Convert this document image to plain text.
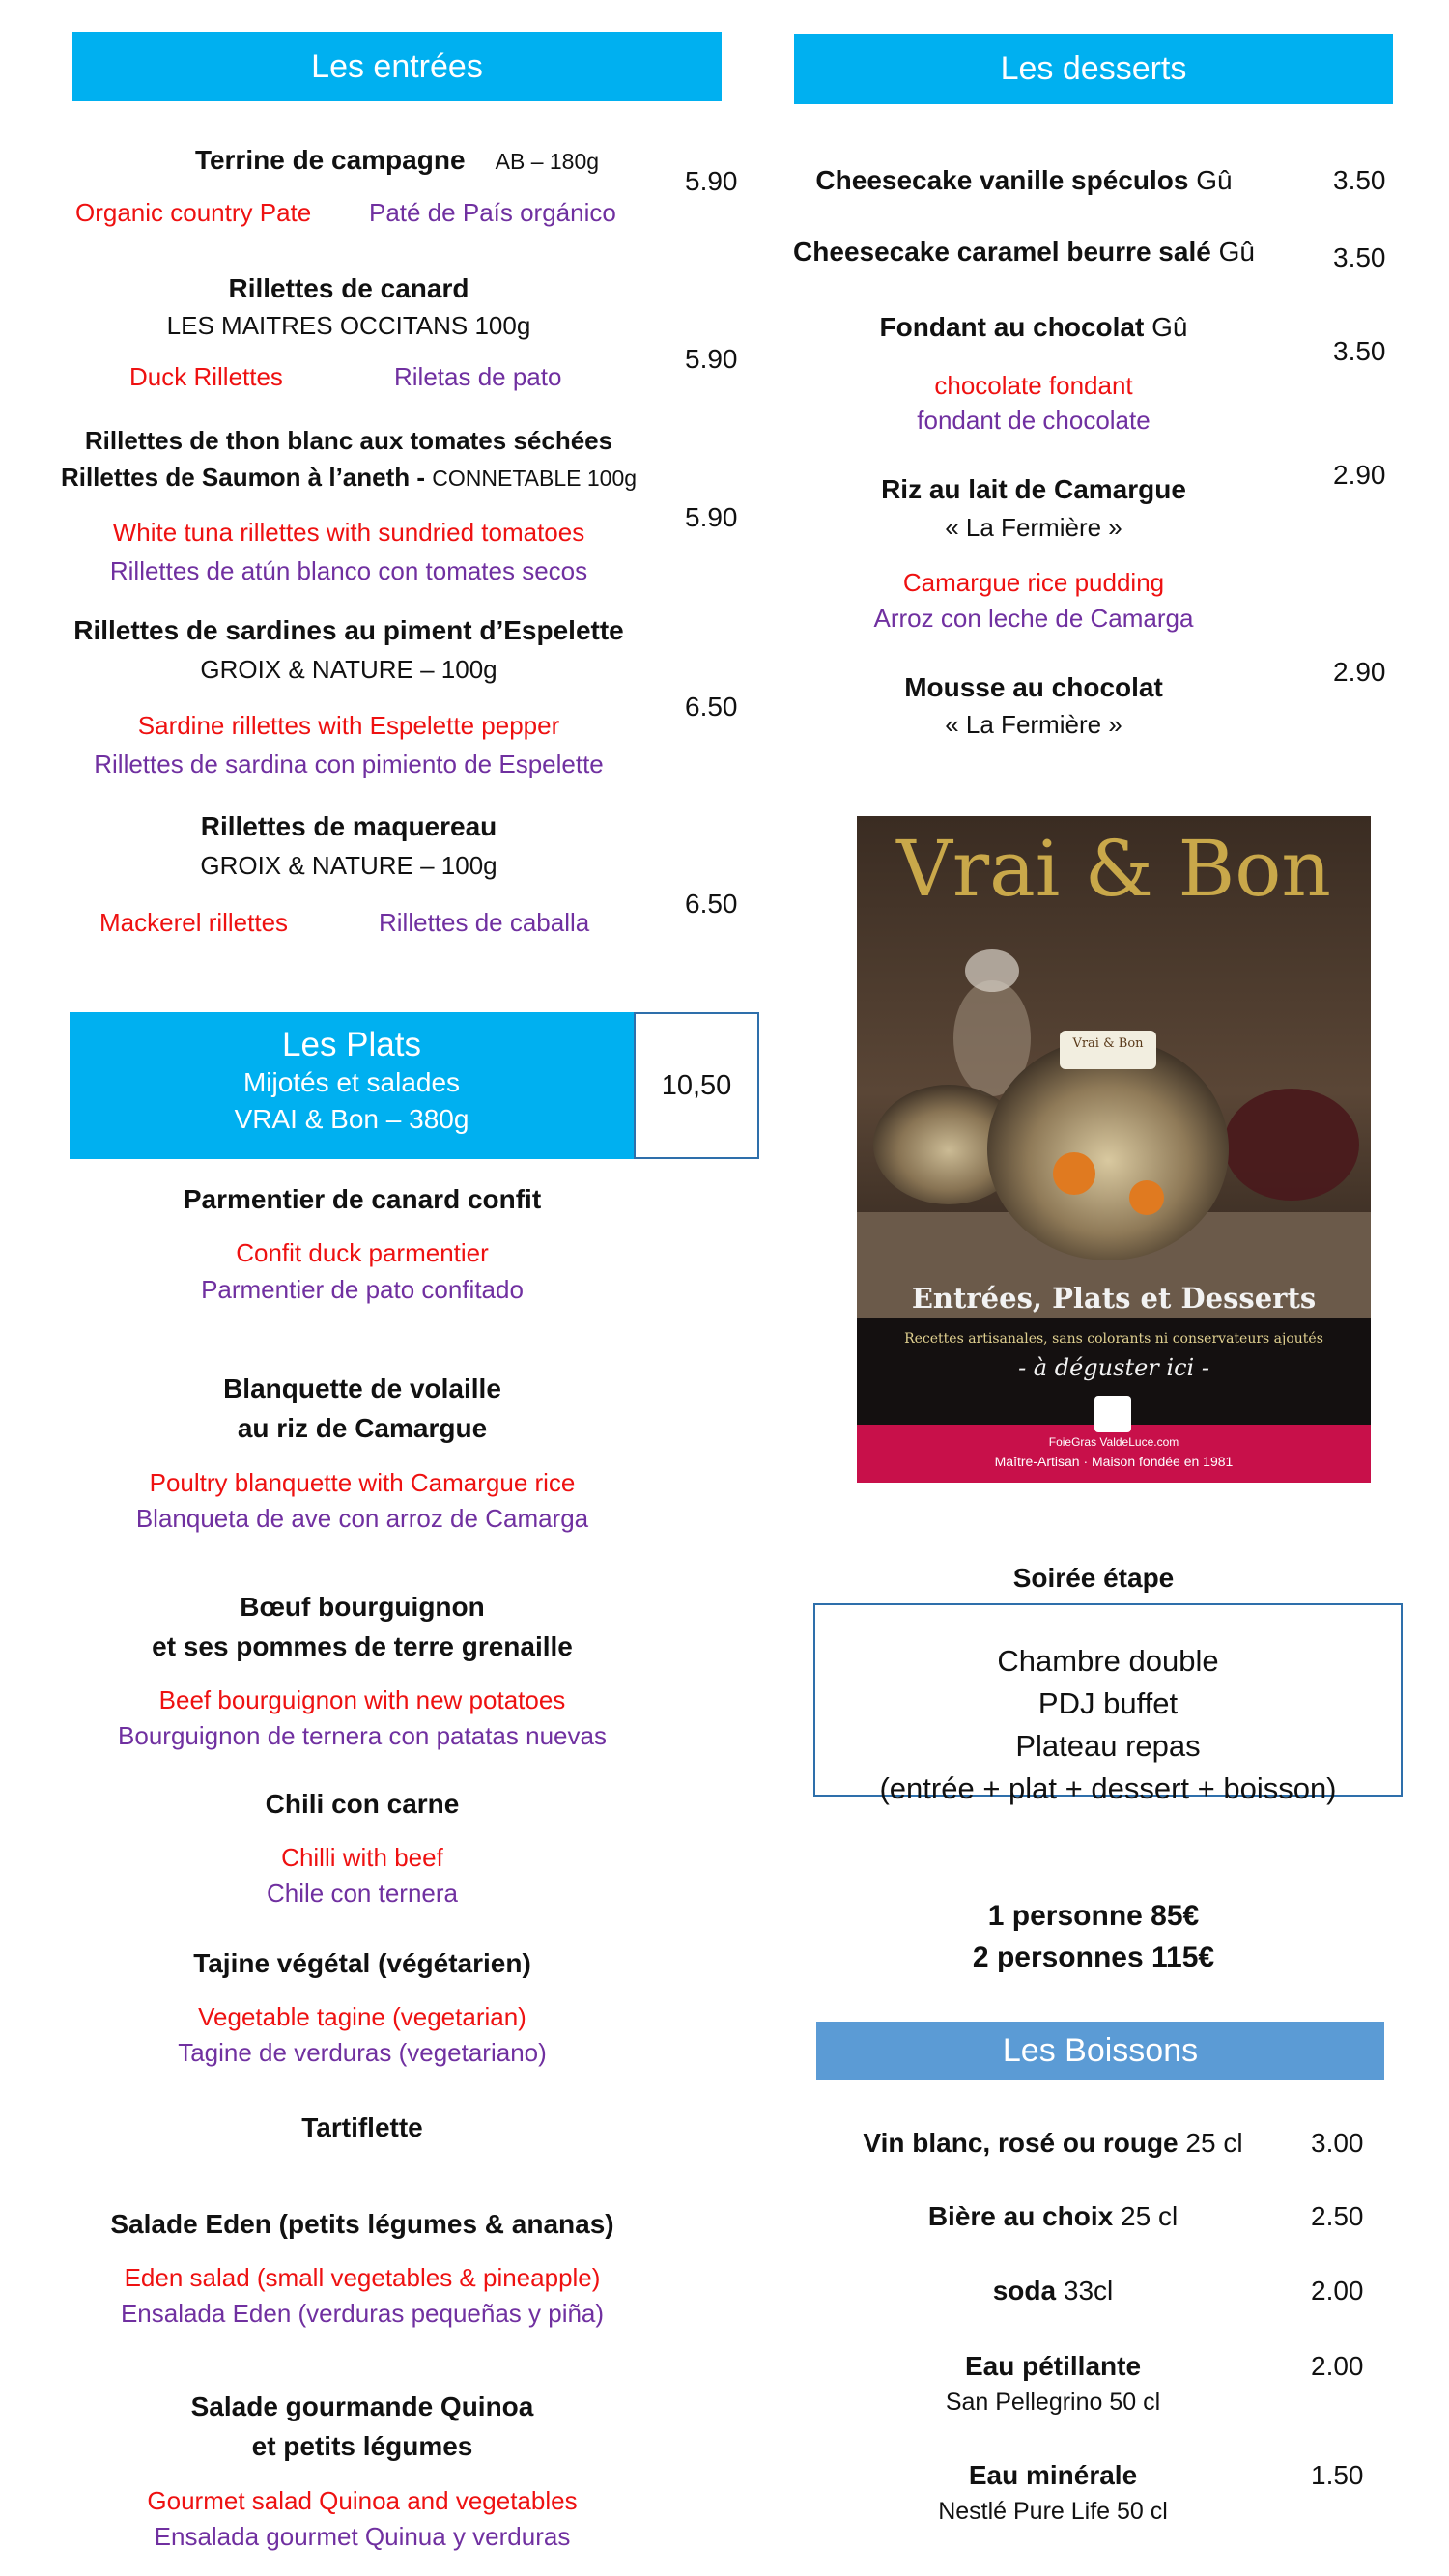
Les entrées
Terrine de campagne AB – 180g
Organic country Pate Paté de País orgánico
5.90
Rillettes de canard
LES MAITRES OCCITANS 100g
Duck Rillettes	Riletas de pato
5.90
Rillettes de thon blanc aux tomates séchées
Rillettes de Saumon à l’aneth - CONNETABLE 100g
White tuna rillettes with sundried tomatoes
Rillettes de atún blanco con tomates secos
5.90
Rillettes de sardines au piment d’Espelette
GROIX & NATURE – 100g
Sardine rillettes with Espelette pepper
Rillettes de sardina con pimiento de Espelette
6.50
Rillettes de maquereau
GROIX & NATURE – 100g
Mackerel rillettes	Rillettes de caballa
6.50
Les Plats
Mijotés et salades
VRAI & Bon – 380g
10,50
Parmentier de canard confit
Confit duck parmentier
Parmentier de pato confitado
Blanquette de volaille
au riz de Camargue
Poultry blanquette with Camargue rice
Blanqueta de ave con arroz de Camarga
Bœuf bourguignon
et ses pommes de terre grenaille
Beef bourguignon with new potatoes
Bourguignon de ternera con patatas nuevas
Chili con carne
Chilli with beef
Chile con ternera
Tajine végétal (végétarien)
Vegetable tagine (vegetarian)
Tagine de verduras (vegetariano)
Tartiflette
Salade Eden (petits légumes & ananas)
Eden salad (small vegetables & pineapple)
Ensalada Eden (verduras pequeñas y piña)
Salade gourmande Quinoa
et petits légumes
Gourmet salad Quinoa and vegetables
Ensalada gourmet Quinua y verduras
Les desserts
Cheesecake vanille spéculos Gû	3.50
Cheesecake caramel beurre salé Gû	3.50
Fondant au chocolat Gû
chocolate fondant
fondant de chocolate
3.50
Riz au lait de Camargue
« La Fermière »
Camargue rice pudding
Arroz con leche de Camarga
2.90
Mousse au chocolat
« La Fermière »
2.90
Vrai & Bon
Vrai & Bon
Entrées, Plats et Desserts
Recettes artisanales, sans colorants ni conservateurs ajoutés
- à déguster ici -
FoieGras ValdeLuce.com
Maître-Artisan · Maison fondée en 1981
Soirée étape
Chambre double
PDJ buffet
Plateau repas
(entrée + plat + dessert + boisson)
1 personne 85€
2 personnes 115€
Les Boissons
Vin blanc, rosé ou rouge 25 cl	3.00
Bière au choix 25 cl	2.50
soda 33cl	2.00
Eau pétillante
San Pellegrino 50 cl
2.00
Eau minérale
Nestlé Pure Life 50 cl
1.50
